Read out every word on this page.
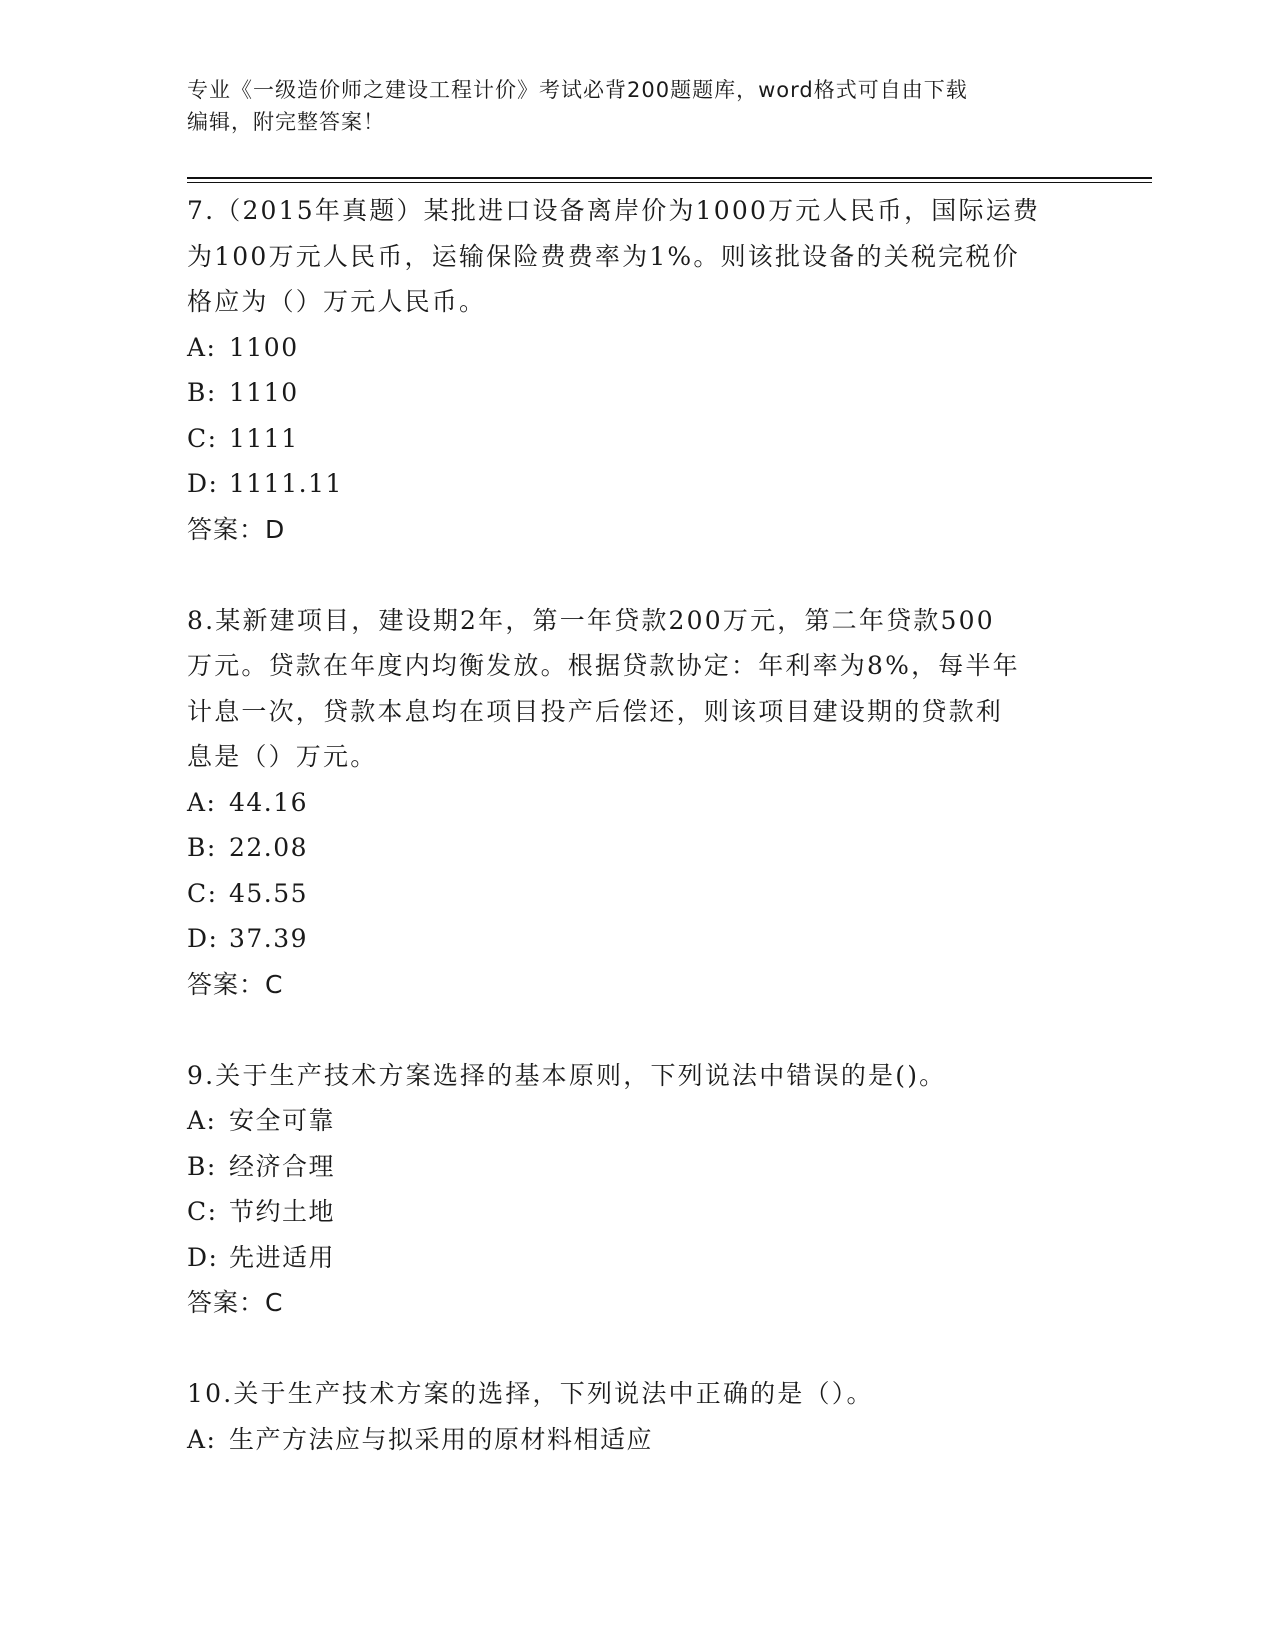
专业《一级造价师之建设工程计价》考试必背200题题库，word格式可自由下载
编辑，附完整答案！
7.（2015年真题）某批进口设备离岸价为1000万元人民币，国际运费
为100万元人民币，运输保险费费率为1%。则该批设备的关税完税价
格应为（）万元人民币。
A: 1100
B: 1110
C: 1111
D: 1111.11
答案：D
8.某新建项目，建设期2年，第一年贷款200万元，第二年贷款500
万元。贷款在年度内均衡发放。根据贷款协定：年利率为8%，每半年
计息一次，贷款本息均在项目投产后偿还，则该项目建设期的贷款利
息是（）万元。
A: 44.16
B: 22.08
C: 45.55
D: 37.39
答案：C
9.关于生产技术方案选择的基本原则，下列说法中错误的是()。
A: 安全可靠
B: 经济合理
C: 节约土地
D: 先进适用
答案：C
10.关于生产技术方案的选择，下列说法中正确的是（）。
A: 生产方法应与拟采用的原材料相适应
